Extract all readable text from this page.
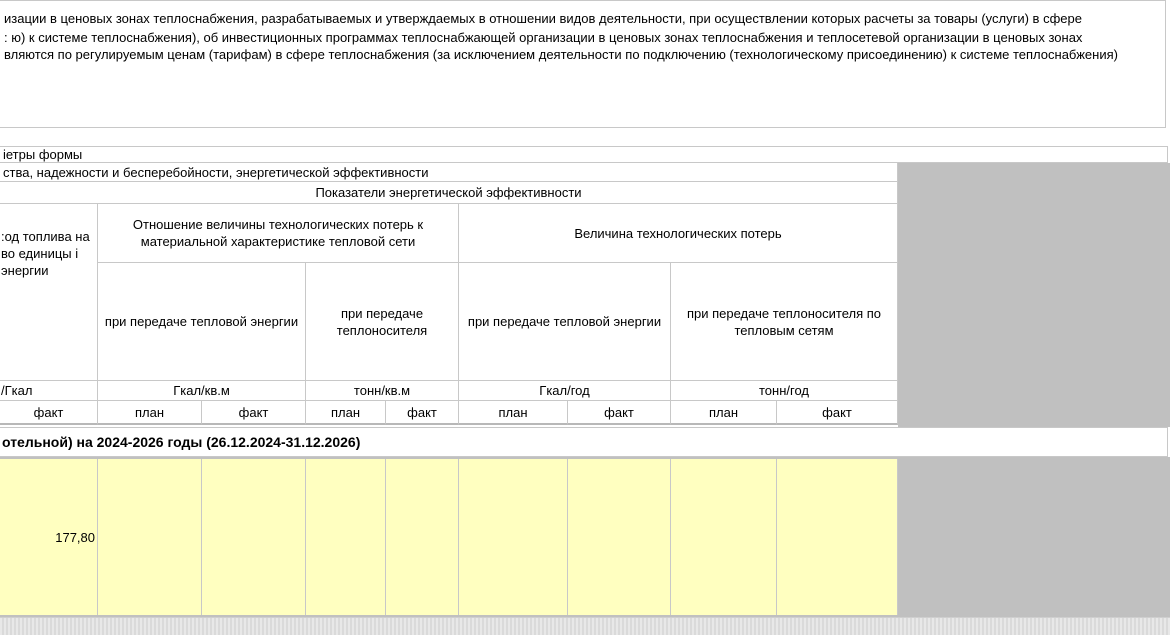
изации в ценовых зонах теплоснабжения, разрабатываемых и утверждаемых в отношении видов деятельности, при осуществлении которых расчеты за товары (услуги) в сфере
: ю) к системе теплоснабжения), об инвестиционных программах теплоснабжающей организации в ценовых зонах теплоснабжения и теплосетевой организации в ценовых зонах
вляются по регулируемым ценам (тарифам) в сфере теплоснабжения (за исключением деятельности по подключению (технологическому присоединению) к системе теплоснабжения)
іетры формы
ства, надежности и бесперебойности, энергетической эффективности
Показатели энергетической эффективности
:од топлива на во единицы і энергии
Отношение величины технологических потерь к материальной характеристике тепловой сети
Величина технологических потерь
при передаче тепловой энергии
при передаче теплоносителя
при передаче тепловой энергии
при передаче теплоносителя по тепловым сетям
/Гкал	Гкал/кв.м	тонн/кв.м	Гкал/год	тонн/год
факт	план	факт	план	факт	план	факт	план	факт
отельной) на 2024-2026 годы (26.12.2024-31.12.2026)
177,80
